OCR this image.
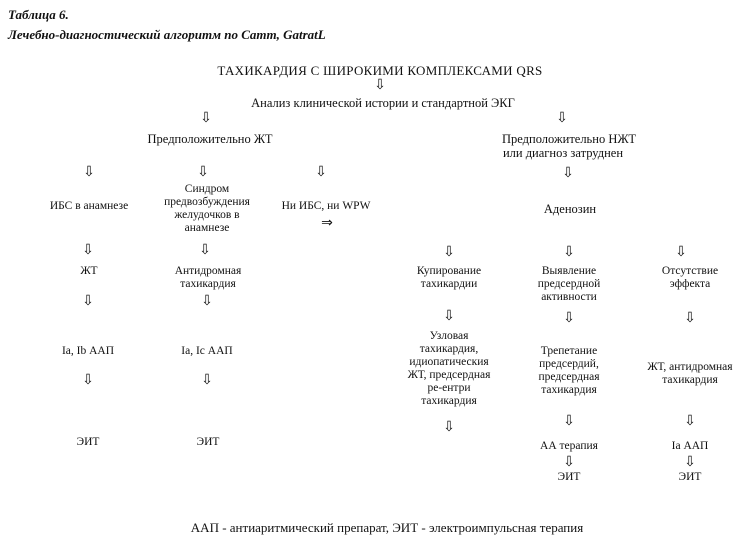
Таблица 6.
Лечебно-диагностический алгоритм по Camm, GatratL
ТАХИКАРДИЯ С ШИРОКИМИ КОМПЛЕКСАМИ QRS
⇩
Анализ клинической истории и стандартной ЭКГ
⇩	⇩
Предположительно ЖТ	Предположительно НЖТ
или диагноз затруднен
⇩	⇩	⇩	⇩
ИБС в анамнезе
Синдром
предвозбуждения
желудочков в
анамнезе
Ни ИБС, ни WPW
⇒
Аденозин
⇩	⇩	⇩	⇩	⇩
ЖТ	Антидромная
тахикардия
Купирование
тахикардии
Выявление
предсердной
активности
Отсутствие
эффекта
⇩	⇩
⇩	⇩	⇩
Ia, Ib ААП	Ia, Ic ААП
Узловая
тахикардия,
идиопатическия
ЖТ, предсердная
ре-ентри
тахикардия
Трепетание
предсердий,
предсердная
тахикардия
ЖТ, антидромная
тахикардия
⇩	⇩
⇩	⇩	⇩
ЭИТ	ЭИТ	АА терапия	Ia ААП
⇩	⇩
ЭИТ	ЭИТ
ААП - антиаритмический препарат, ЭИТ - электроимпульсная терапия
